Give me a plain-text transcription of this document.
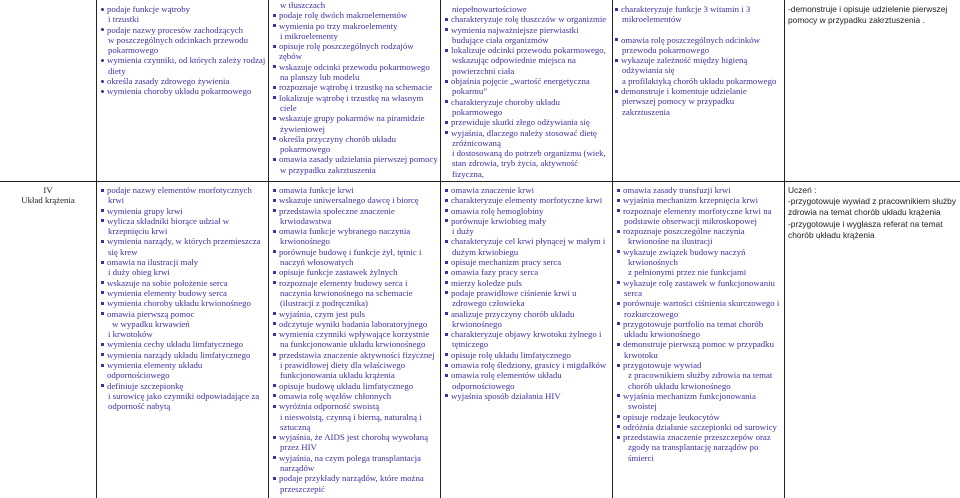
podaje funkcje wątroby
i trzustki
podaje nazwy procesów zachodzących
w poszczególnych odcinkach przewodu
pokarmowego
wymienia czynniki, od których zależy rodzaj
diety
określa zasady zdrowego żywienia
wymienia choroby układu pokarmowego
w tłuszczach
podaje rolę dwóch makroelementów
wymienia po trzy makroelementy
i mikroelementy
opisuje rolę poszczególnych rodzajów zębów
wskazuje odcinki przewodu pokarmowego
na planszy lub modelu
rozpoznaje wątrobę i trzustkę na schemacie
lokalizuje wątrobę i trzustkę na własnym
ciele
wskazuje grupy pokarmów na piramidzie
żywieniowej
określa przyczyny chorób układu
pokarmowego
omawia zasady udzielania pierwszej pomocy
w przypadku zakrztuszenia
niepełnowartościowe
charakteryzuje rolę tłuszczów w organizmie
wymienia najważniejsze pierwiastki
budujące ciała organizmów
lokalizuje odcinki przewodu pokarmowego,
wskazując odpowiednie miejsca na
powierzchni ciała
objaśnia pojęcie „wartość energetyczna
pokarmu”
charakteryzuje choroby układu
pokarmowego
przewiduje skutki złego odżywiania się
wyjaśnia, dlaczego należy stosować dietę
zróżnicowaną
i dostosowaną do potrzeb organizmu (wiek,
stan zdrowia, tryb życia, aktywność fizyczna,
charakteryzuje funkcje 3 witamin i 3
mikroelementów
omawia rolę poszczególnych odcinków
przewodu pokarmowego
wykazuje zależność między higieną
odżywiania się
a profilaktyką chorób układu pokarmowego
demonstruje i komentuje udzielanie
pierwszej pomocy w przypadku
zakrztuszenia
-demonstruje i opisuje udzielenie pierwszej pomocy w przypadku zakrztuszenia .
IV
Układ krążenia
podaje nazwy elementów morfotycznych
krwi
wymienia grupy krwi
wylicza składniki biorące udział w
krzepnięciu krwi
wymienia narządy, w których przemieszcza
się krew
omawia na ilustracji mały
i duży obieg krwi
wskazuje na sobie położenie serca
wymienia elementy budowy serca
wymienia choroby układu krwionośnego
omawia pierwszą pomoc
w wypadku krwawień
i krwotoków
wymienia cechy układu limfatycznego
wymienia narządy układu limfatycznego
wymienia elementy układu odpornościowego
definiuje szczepionkę
i surowicę jako czynniki odpowiadające za
odporność nabytą
omawia funkcje krwi
wskazuje uniwersalnego dawcę i biorcę
przedstawia społeczne znaczenie
krwiodawstwa
omawia funkcje wybranego naczynia
krwionośnego
porównuje budowę i funkcje żył, tętnic i
naczyń włosowatych
opisuje funkcje zastawek żylnych
rozpoznaje elementy budowy serca i
naczynia krwionośnego na schemacie
(ilustracji z podręcznika)
wyjaśnia, czym jest puls
odczytuje wyniki badania laboratoryjnego
wymienia czynniki wpływające korzystnie
na funkcjonowanie układu krwionośnego
przedstawia znaczenie aktywności fizycznej
i prawidłowej diety dla właściwego
funkcjonowania układu krążenia
opisuje budowę układu limfatycznego
omawia rolę węzłów chłonnych
wyróżnia odporność swoistą
i nieswoistą, czynną i bierną, naturalną i
sztuczną
wyjaśnia, że AIDS jest chorobą wywołaną
przez HIV
wyjaśnia, na czym polega transplantacja
narządów
podaje przykłady narządów, które można
przeszczepić
omawia znaczenie krwi
charakteryzuje elementy morfotyczne krwi
omawia rolę hemoglobiny
porównuje krwiobieg mały
i duży
charakteryzuje cel krwi płynącej w małym i
dużym krwiobiegu
opisuje mechanizm pracy serca
omawia fazy pracy serca
mierzy koledze puls
podaje prawidłowe ciśnienie krwi u
zdrowego człowieka
analizuje przyczyny chorób układu
krwionośnego
charakteryzuje objawy krwotoku żylnego i
tętniczego
opisuje rolę układu limfatycznego
omawia rolę śledziony, grasicy i migdałków
omawia rolę elementów układu
odpornościowego
wyjaśnia sposób działania HIV
omawia zasady transfuzji krwi
wyjaśnia mechanizm krzepnięcia krwi
rozpoznaje elementy morfotyczne krwi na
podstawie obserwacji mikroskopowej
rozpoznaje poszczególne naczynia
krwionośne na ilustracji
wykazuje związek budowy naczyń
krwionośnych
z pełnionymi przez nie funkcjami
wykazuje rolę zastawek w funkcjonowaniu
serca
porównuje wartości ciśnienia skurczowego i
rozkurczowego
przygotowuje portfolio na temat chorób
układu krwionośnego
demonstruje pierwszą pomoc w przypadku
krwotoku
przygotowuje wywiad
z pracownikiem służby zdrowia na temat
chorób układu krwionośnego
wyjaśnia mechanizm funkcjonowania
swoistej
opisuje rodzaje leukocytów
odróżnia działanie szczepionki od surowicy
przedstawia znaczenie przeszczepów oraz
zgody na transplantację narządów po
śmierci
Uczeń :
-przygotowuje wywiad z pracownikiem służby zdrowia na temat chorób układu krążenia
-przygotowuje i wygłasza referat na temat chorób układu krążenia
